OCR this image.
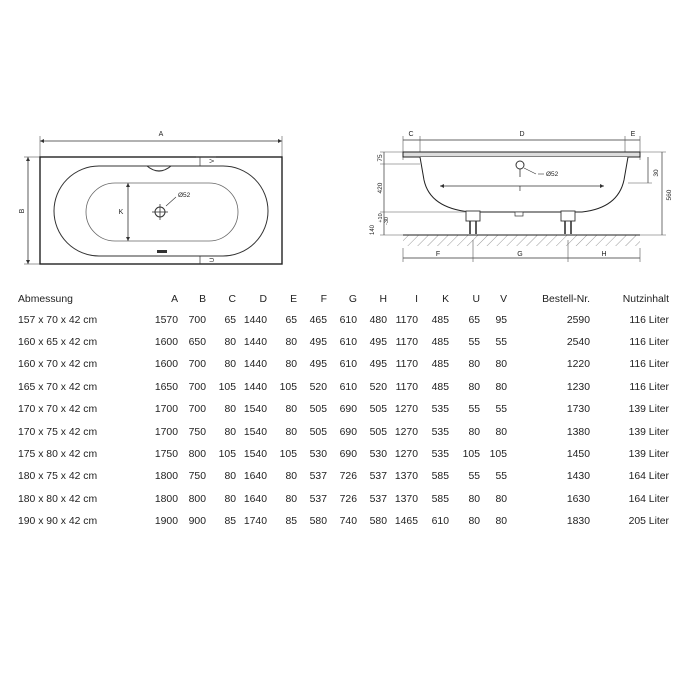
A
B
V
U
K
Ø52
C	D	E
Ø52
I
F	G	H
75
420
140
+10 -30
30
560
Abmessung	A	B	C	D	E	F	G	H	I	K	U	V	Bestell-Nr.	Nutzinhalt
157 x 70 x 42 cm	1570	700	65	1440	65	465	610	480	1170	485	65	95	2590	116 Liter
160 x 65 x 42 cm	1600	650	80	1440	80	495	610	495	1170	485	55	55	2540	116 Liter
160 x 70 x 42 cm	1600	700	80	1440	80	495	610	495	1170	485	80	80	1220	116 Liter
165 x 70 x 42 cm	1650	700	105	1440	105	520	610	520	1170	485	80	80	1230	116 Liter
170 x 70 x 42 cm	1700	700	80	1540	80	505	690	505	1270	535	55	55	1730	139 Liter
170 x 75 x 42 cm	1700	750	80	1540	80	505	690	505	1270	535	80	80	1380	139 Liter
175 x 80 x 42 cm	1750	800	105	1540	105	530	690	530	1270	535	105	105	1450	139 Liter
180 x 75 x 42 cm	1800	750	80	1640	80	537	726	537	1370	585	55	55	1430	164 Liter
180 x 80 x 42 cm	1800	800	80	1640	80	537	726	537	1370	585	80	80	1630	164 Liter
190 x 90 x 42 cm	1900	900	85	1740	85	580	740	580	1465	610	80	80	1830	205 Liter
